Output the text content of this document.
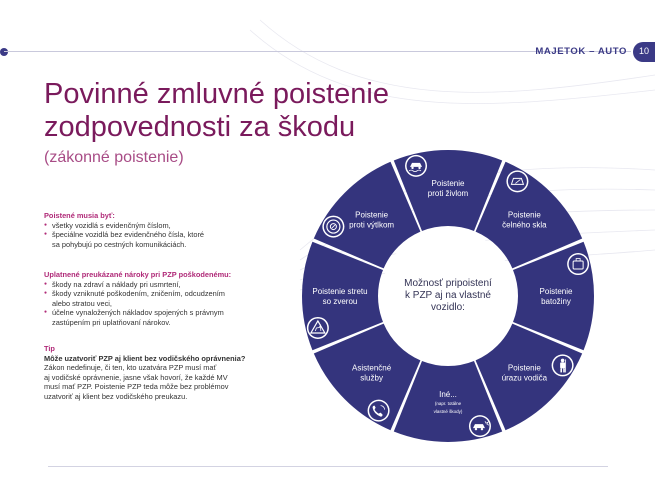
MAJETOK – AUTO	10
Povinné zmluvné poistenie
zodpovednosti za škodu
(zákonné poistenie)
Poistené musia byť:
● všetky vozidlá s evidenčným číslom,
● špeciálne vozidlá bez evidenčného čísla, ktoré
sa pohybujú po cestných komunikáciách.
Uplatnené preukázané nároky pri PZP poškodenému:
● škody na zdraví a náklady pri usmrtení,
● škody vzniknuté poškodením, zničením, odcudzením
alebo stratou veci,
● účelne vynaložených nákladov spojených s právnym
zastúpením pri uplatňovaní nárokov.
Tip
Môže uzatvoriť PZP aj klient bez vodičského oprávnenia?
Zákon nedefinuje, či ten, kto uzatvára PZP musí mať
aj vodičské oprávnenie, jasne však hovorí, že každé MV
musí mať PZP. Poistenie PZP teda môže bez problémov
uzatvoriť aj klient bez vodičského preukazu.
Poistenie
proti živlom
Poistenie
čelného skla
Poistenie
batožiny
Poistenie
úrazu vodiča
Iné...
(napr. totálne
vlastné škody)
Asistenčné
služby
Poistenie stretu
so zverou
Poistenie
proti výtlkom
Možnosť pripoistení
k PZP aj na vlastné
vozidlo:
